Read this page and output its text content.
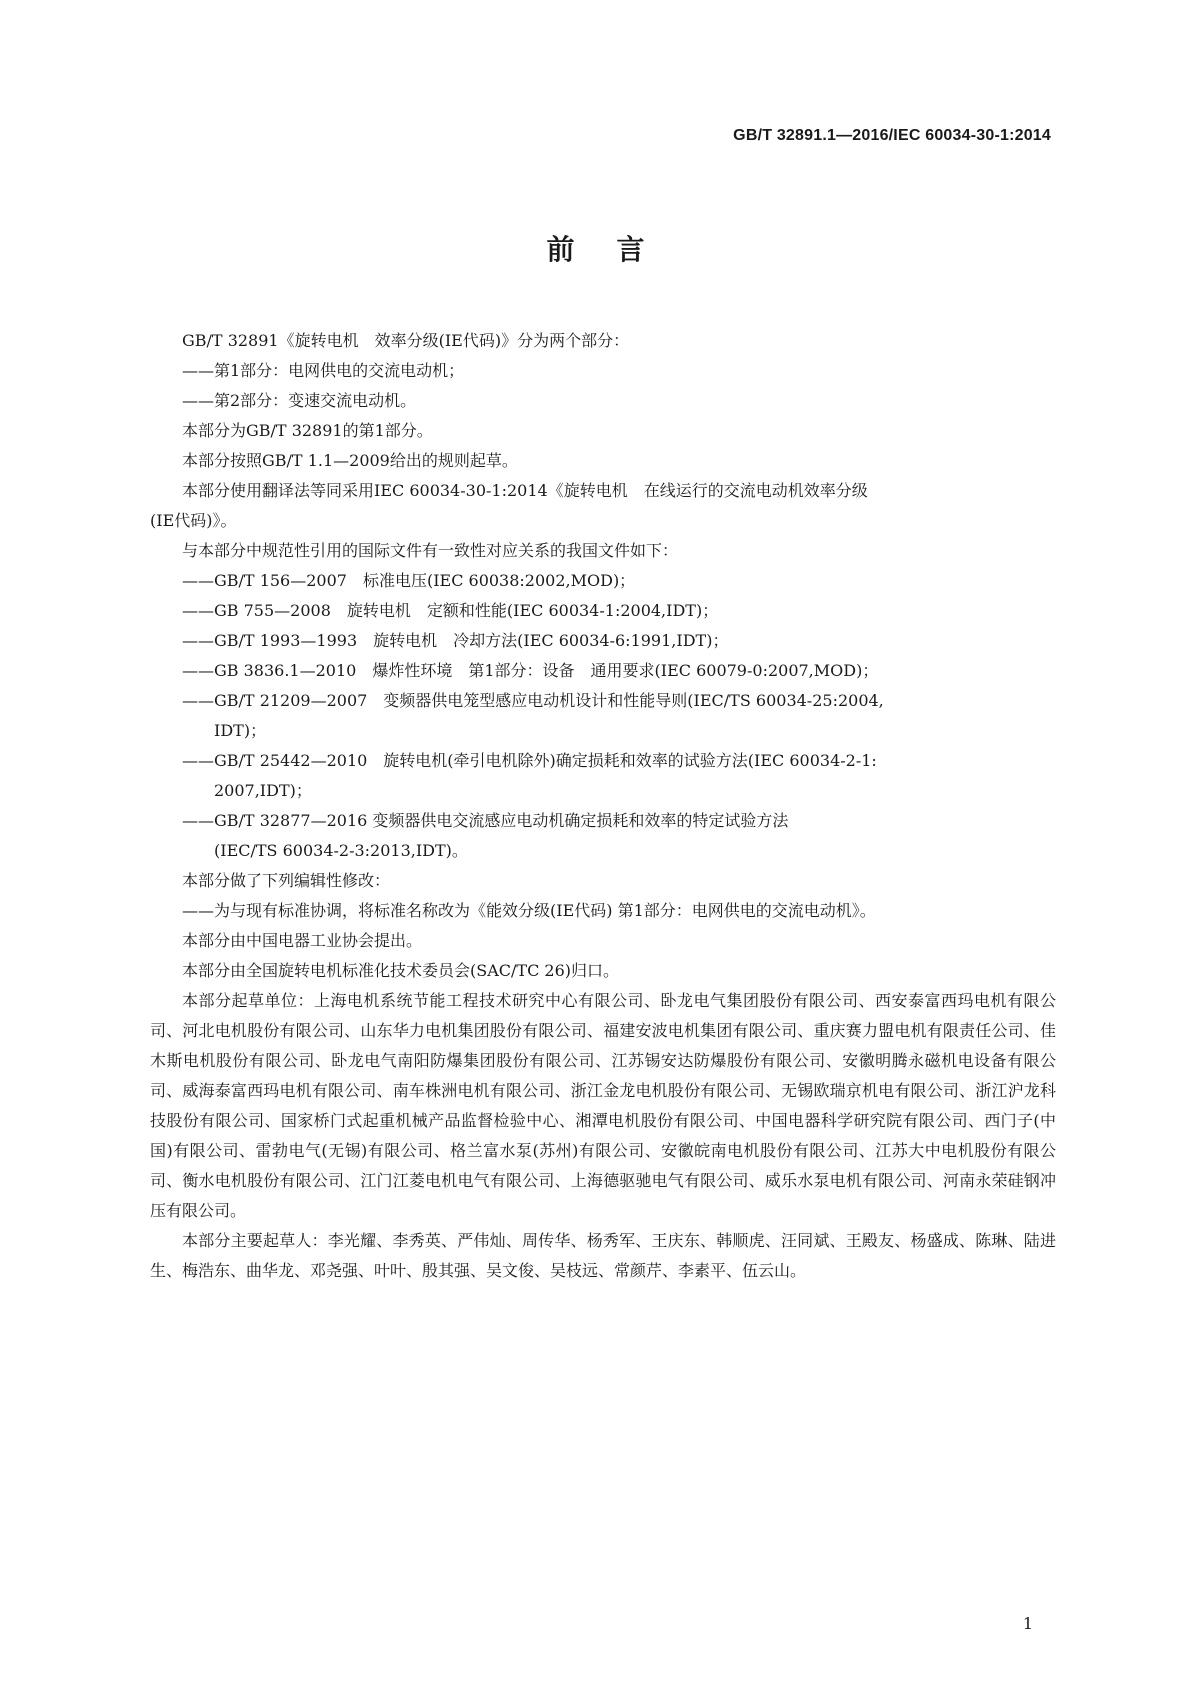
GB/T 32891.1—2016/IEC 60034-30-1:2014
前言

GB/T 32891《旋转电机　效率分级(IE代码)》分为两个部分：

——第1部分：电网供电的交流电动机；

——第2部分：变速交流电动机。

本部分为GB/T 32891的第1部分。

本部分按照GB/T 1.1—2009给出的规则起草。

本部分使用翻译法等同采用IEC 60034-30-1:2014《旋转电机　在线运行的交流电动机效率分级

(IE代码)》。

与本部分中规范性引用的国际文件有一致性对应关系的我国文件如下：

——GB/T 156—2007　标准电压(IEC 60038:2002,MOD)；

——GB 755—2008　旋转电机　定额和性能(IEC 60034-1:2004,IDT)；

——GB/T 1993—1993　旋转电机　冷却方法(IEC 60034-6:1991,IDT)；

——GB 3836.1—2010　爆炸性环境　第1部分：设备　通用要求(IEC 60079-0:2007,MOD)；

——GB/T 21209—2007　变频器供电笼型感应电动机设计和性能导则(IEC/TS 60034-25:2004,

IDT)；

——GB/T 25442—2010　旋转电机(牵引电机除外)确定损耗和效率的试验方法(IEC 60034-2-1:

2007,IDT)；

——GB/T 32877—2016 变频器供电交流感应电动机确定损耗和效率的特定试验方法

(IEC/TS 60034-2-3:2013,IDT)。

本部分做了下列编辑性修改：

——为与现有标准协调，将标准名称改为《能效分级(IE代码) 第1部分：电网供电的交流电动机》。

本部分由中国电器工业协会提出。

本部分由全国旋转电机标准化技术委员会(SAC/TC 26)归口。

本部分起草单位：上海电机系统节能工程技术研究中心有限公司、卧龙电气集团股份有限公司、西安泰富西玛电机有限公司、河北电机股份有限公司、山东华力电机集团股份有限公司、福建安波电机集团有限公司、重庆赛力盟电机有限责任公司、佳木斯电机股份有限公司、卧龙电气南阳防爆集团股份有限公司、江苏锡安达防爆股份有限公司、安徽明腾永磁机电设备有限公司、威海泰富西玛电机有限公司、南车株洲电机有限公司、浙江金龙电机股份有限公司、无锡欧瑞京机电有限公司、浙江沪龙科技股份有限公司、国家桥门式起重机械产品监督检验中心、湘潭电机股份有限公司、中国电器科学研究院有限公司、西门子(中国)有限公司、雷勃电气(无锡)有限公司、格兰富水泵(苏州)有限公司、安徽皖南电机股份有限公司、江苏大中电机股份有限公司、衡水电机股份有限公司、江门江菱电机电气有限公司、上海德驱驰电气有限公司、威乐水泵电机有限公司、河南永荣硅钢冲压有限公司。

本部分主要起草人：李光耀、李秀英、严伟灿、周传华、杨秀军、王庆东、韩顺虎、汪同斌、王殿友、杨盛成、陈琳、陆进生、梅浩东、曲华龙、邓尧强、叶叶、殷其强、吴文俊、吴枝远、常颜芹、李素平、伍云山。

1
